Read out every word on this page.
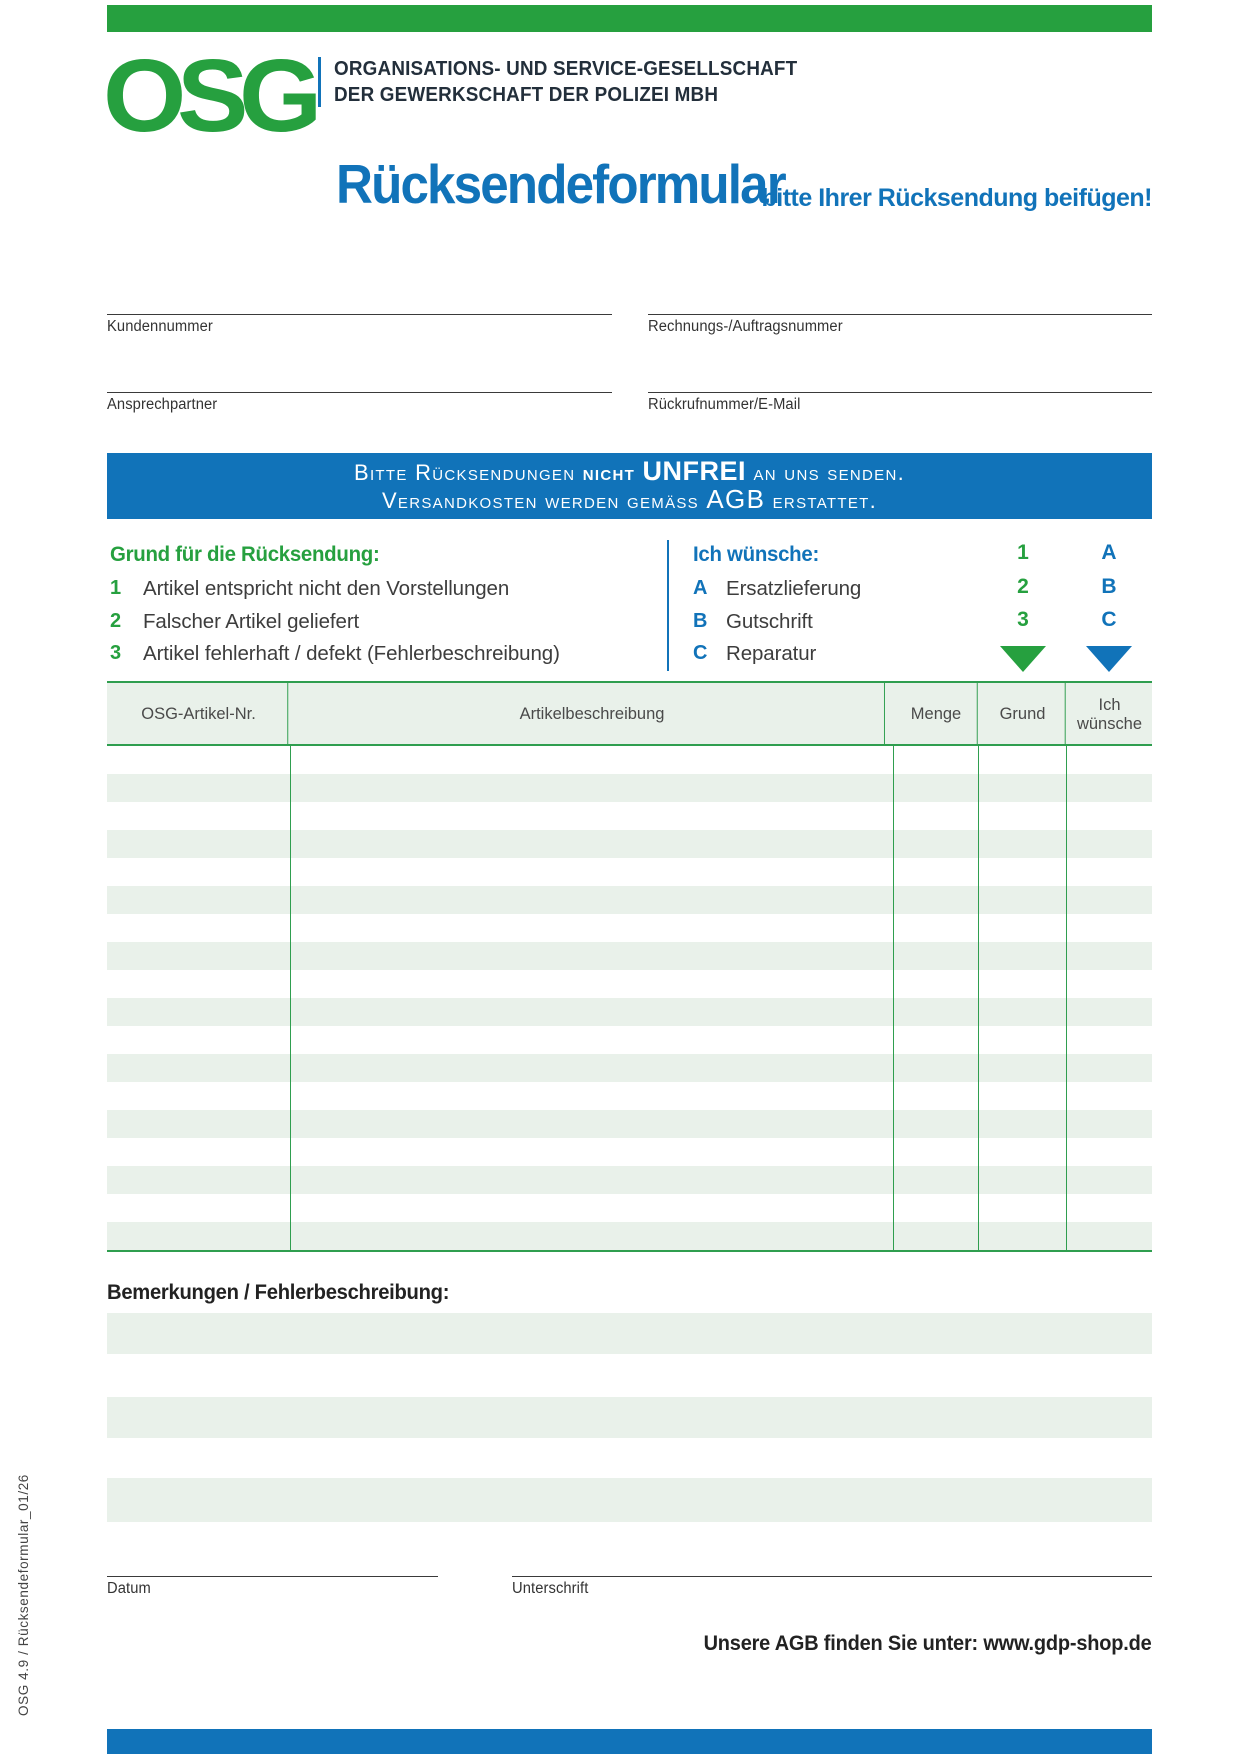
OSG ORGANISATIONS- UND SERVICE-GESELLSCHAFT
DER GEWERKSCHAFT DER POLIZEI MBH
Rücksendeformular
bitte Ihrer Rücksendung beifügen!
Kundennummer	Rechnungs-/Auftragsnummer
Ansprechpartner	Rückrufnummer/E-Mail
Bitte Rücksendungen nicht UNFREI an uns senden.
Versandkosten werden gemäss AGB erstattet.
Grund für die Rücksendung:
1	Artikel entspricht nicht den Vorstellungen
2	Falscher Artikel geliefert
3	Artikel fehlerhaft / defekt (Fehlerbeschreibung)
Ich wünsche:
A Ersatzlieferung
B Gutschrift
C Reparatur
1
2
3
A
B
C
OSG-Artikel-Nr.	Artikelbeschreibung	Menge	Grund	Ich wünsche
Bemerkungen / Fehlerbeschreibung:
Datum	Unterschrift
Unsere AGB finden Sie unter: www.gdp-shop.de
OSG 4.9 / Rücksendeformular_01/26
